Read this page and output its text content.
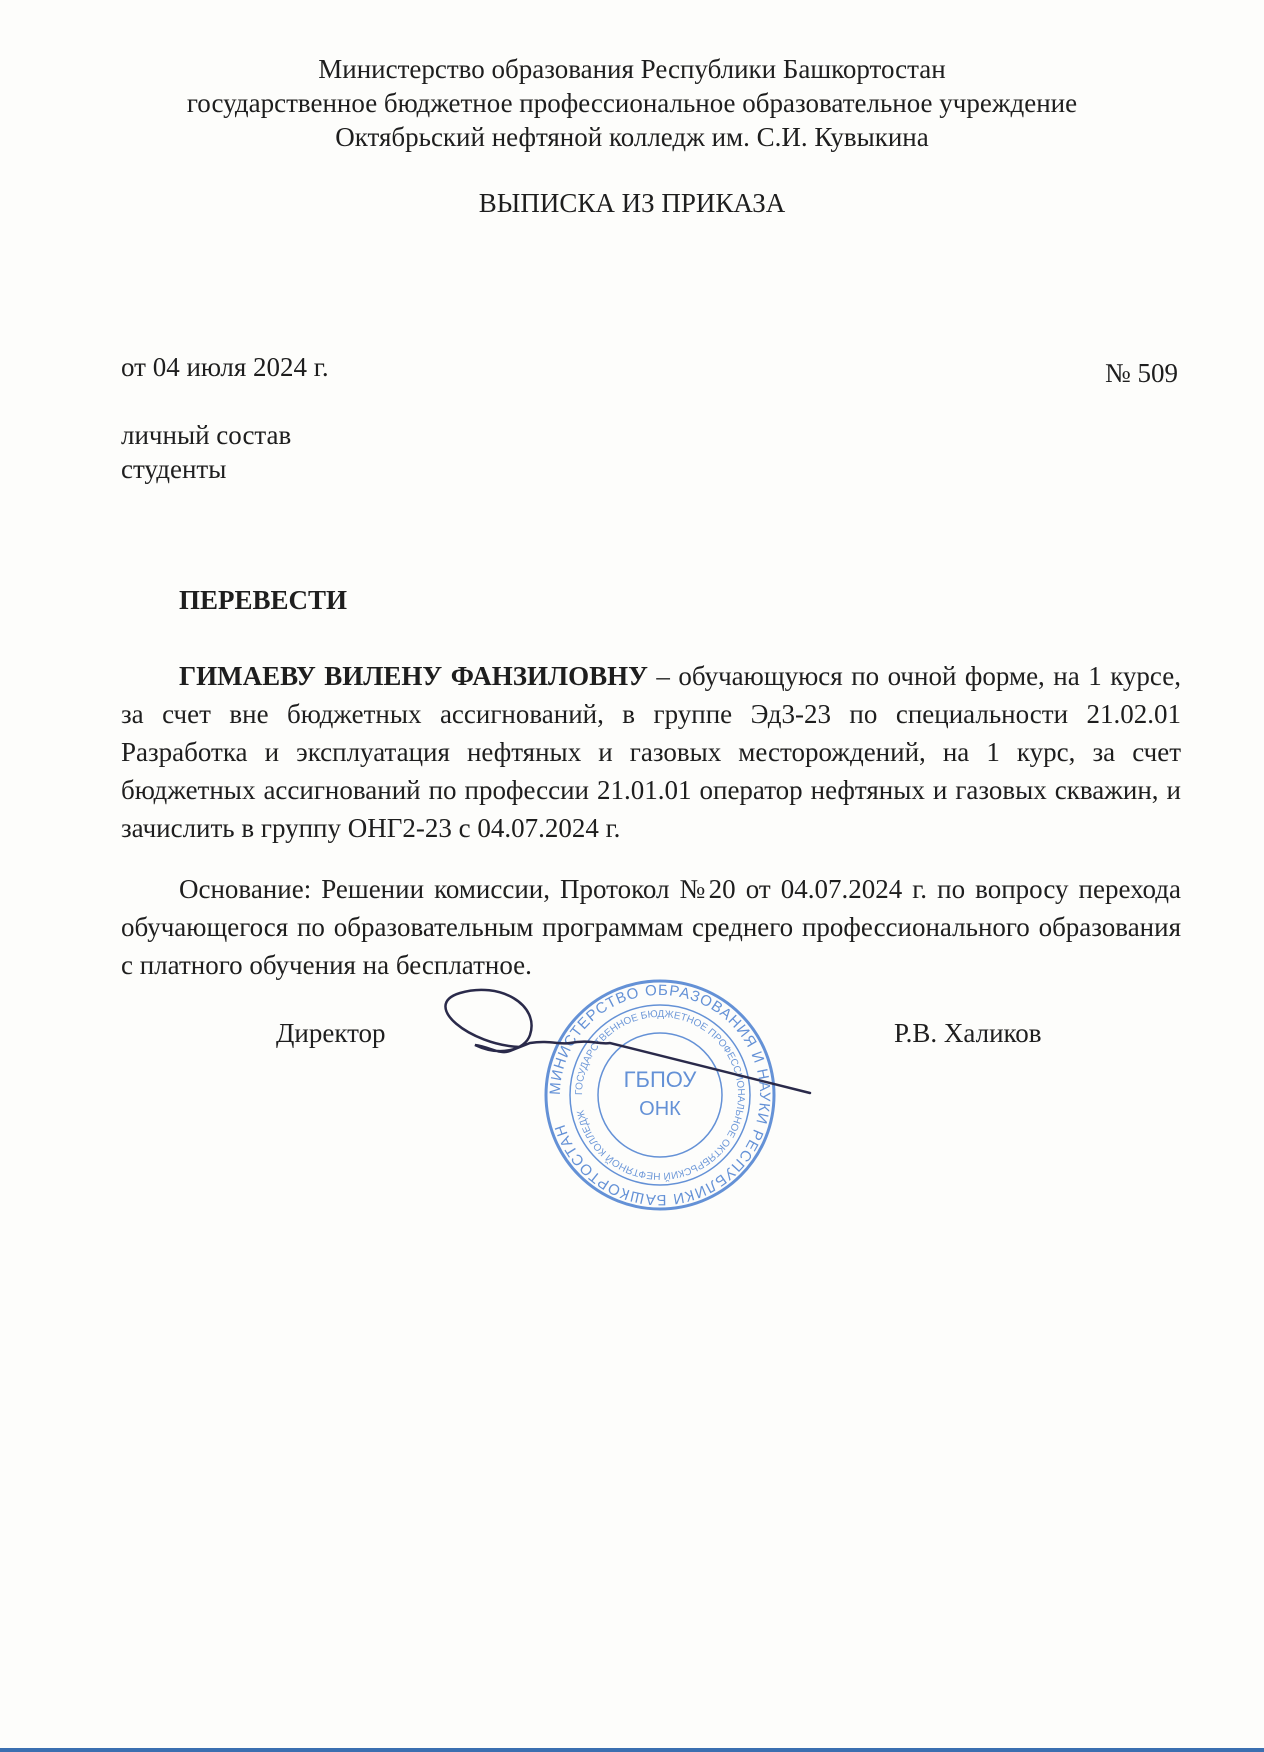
Министерство образования Республики Башкортостан
государственное бюджетное профессиональное образовательное учреждение
Октябрьский нефтяной колледж им. С.И. Кувыкина
ВЫПИСКА ИЗ ПРИКАЗА
от 04 июля 2024 г.	№ 509
личный состав
студенты
ПЕРЕВЕСТИ
ГИМАЕВУ ВИЛЕНУ ФАНЗИЛОВНУ – обучающуюся по очной форме, на 1 курсе, за счет вне бюджетных ассигнований, в группе Эд3-23 по специальности 21.02.01 Разработка и эксплуатация нефтяных и газовых месторождений, на 1 курс, за счет бюджетных ассигнований по профессии 21.01.01 оператор нефтяных и газовых скважин, и зачислить в группу ОНГ2-23 с 04.07.2024 г.
Основание: Решении комиссии, Протокол №20 от 04.07.2024 г. по вопросу перехода обучающегося по образовательным программам среднего профессионального образования с платного обучения на бесплатное.
Директор	Р.В. Халиков
МИНИСТЕРСТВО ОБРАЗОВАНИЯ И НАУКИ РЕСПУБЛИКИ БАШКОРТОСТАН
ГОСУДАРСТВЕННОЕ БЮДЖЕТНОЕ ПРОФЕССИОНАЛЬНОЕ ОКТЯБРЬСКИЙ НЕФТЯНОЙ КОЛЛЕДЖ
ГБПОУ
ОНК
